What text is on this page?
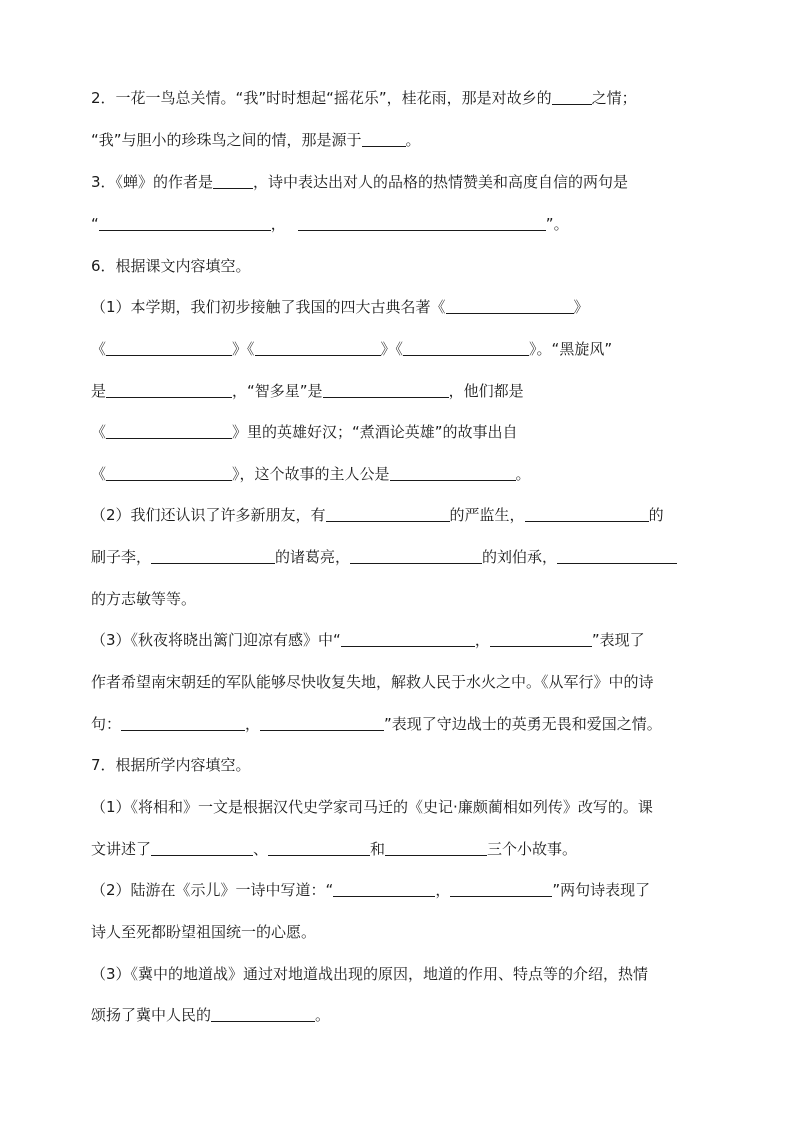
2．一花一鸟总关情。“我”时时想起“摇花乐”，桂花雨，那是对故乡的	之情；
“我”与胆小的珍珠鸟之间的情，那是源于	。
3．《蝉》的作者是	，诗中表达出对人的品格的热情赞美和高度自信的两句是
“	，	”。
6．根据课文内容填空。
（1）本学期，我们初步接触了我国的四大古典名著《	》
《	》《	》《	》。“黑旋风”
是	，“智多星”是	，他们都是
《	》里的英雄好汉；“煮酒论英雄”的故事出自
《	》，这个故事的主人公是	。
（2）我们还认识了许多新朋友，有	的严监生，	的
刷子李，	的诸葛亮，	的刘伯承，
的方志敏等等。
（3）《秋夜将晓出篱门迎凉有感》中“	，	”表现了
作者希望南宋朝廷的军队能够尽快收复失地，解救人民于水火之中。《从军行》中的诗
句：	，	”表现了守边战士的英勇无畏和爱国之情。
7．根据所学内容填空。
（1）《将相和》一文是根据汉代史学家司马迁的《史记·廉颇蔺相如列传》改写的。课
文讲述了	、	和	三个小故事。
（2）陆游在《示儿》一诗中写道：“	，	”两句诗表现了
诗人至死都盼望祖国统一的心愿。
（3）《冀中的地道战》通过对地道战出现的原因，地道的作用、特点等的介绍，热情
颂扬了冀中人民的	。
